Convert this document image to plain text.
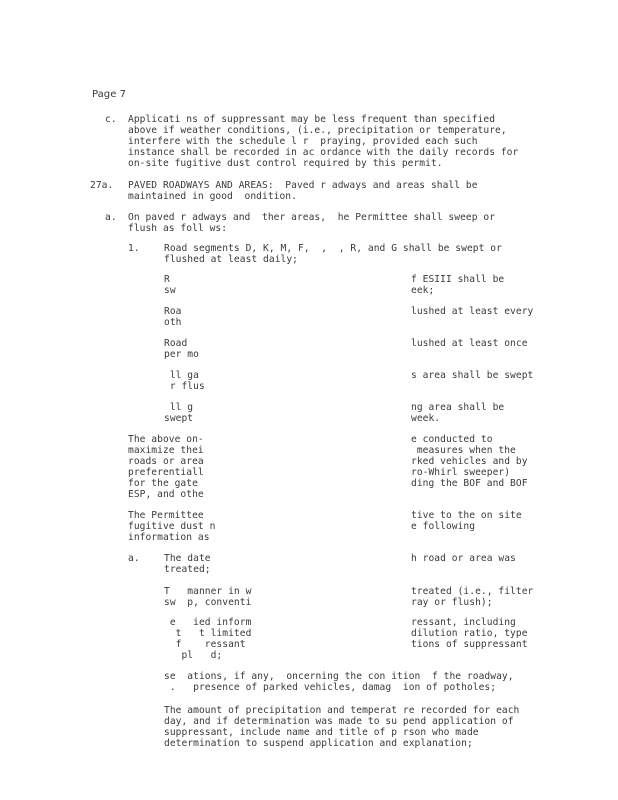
Page 7
c. Applicati ns of suppressant may be less frequent than specified
above if weather conditions, (i.e., precipitation or temperature,
interfere with the schedule l r  praying, provided each such
instance shall be recorded in ac ordance with the daily records for
on-site fugitive dust control required by this permit.
27a. PAVED ROADWAYS AND AREAS:  Paved r adways and areas shall be
maintained in good  ondition.
a. On paved r adways and  ther areas,  he Permittee shall sweep or
flush as foll ws:
1.	Road segments D, K, M, F,  ,  , R, and G shall be swept or
flushed at least daily;
R	f ESIII shall be
sw	eek;
Roa	lushed at least every
oth
Road	lushed at least once
per mo
ll ga	s area shall be swept
r flus
ll g	ng area shall be
swept	week.
The above on-	e conducted to
maximize thei	measures when the
roads or area	rked vehicles and by
preferentiall	ro-Whirl sweeper)
for the gate	ding the BOF and BOF
ESP, and othe
The Permittee	tive to the on site
fugitive dust n	e following
information as
a.	The date	h road or area was
treated;
T   manner in w	treated (i.e., filter
sw  p, conventi	ray or flush);
e   ied inform	ressant, including
t   t limited	dilution ratio, type
f    ressant	tions of suppressant
pl   d;
se  ations, if any,  oncerning the con ition  f the roadway,
.   presence of parked vehicles, damag  ion of potholes;
The amount of precipitation and temperat re recorded for each
day, and if determination was made to su pend application of
suppressant, include name and title of p rson who made
determination to suspend application and explanation;
